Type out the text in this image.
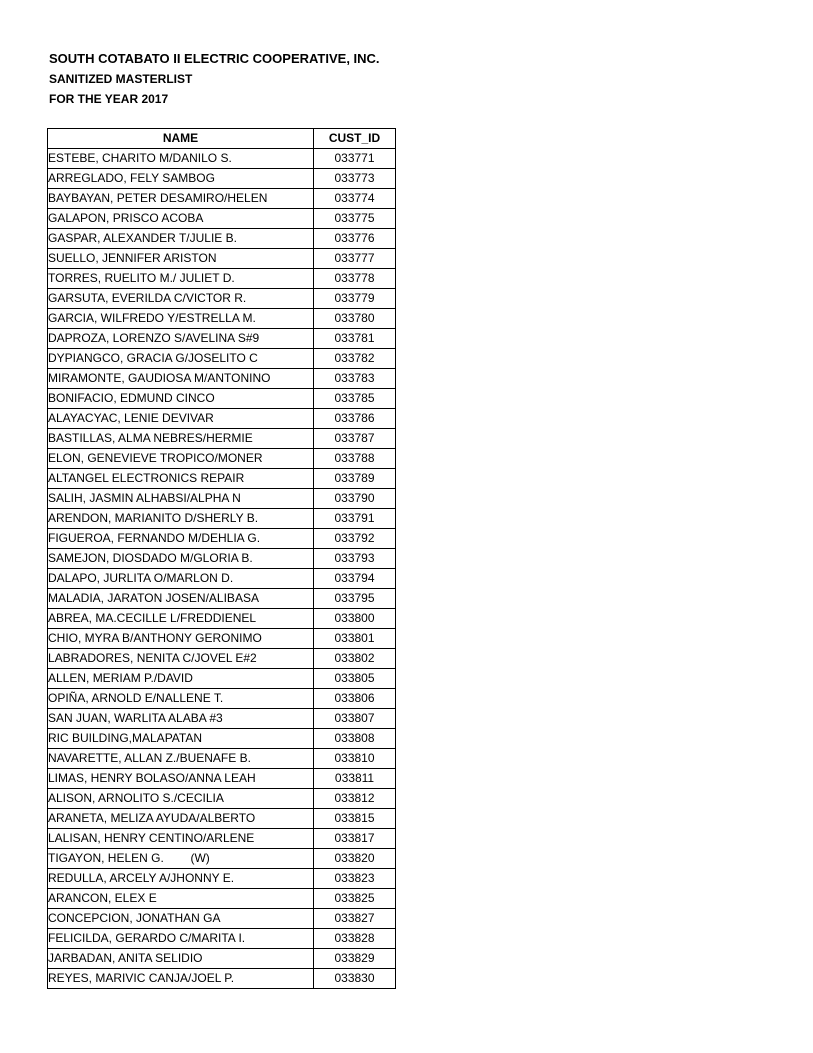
SOUTH COTABATO II ELECTRIC COOPERATIVE, INC.
SANITIZED MASTERLIST
FOR THE YEAR 2017
NAME	CUST_ID
ESTEBE, CHARITO M/DANILO S.	033771
ARREGLADO, FELY SAMBOG	033773
BAYBAYAN, PETER DESAMIRO/HELEN	033774
GALAPON, PRISCO ACOBA	033775
GASPAR, ALEXANDER T/JULIE B.	033776
SUELLO, JENNIFER ARISTON	033777
TORRES, RUELITO M./ JULIET D.	033778
GARSUTA, EVERILDA C/VICTOR R.	033779
GARCIA, WILFREDO Y/ESTRELLA M.	033780
DAPROZA, LORENZO S/AVELINA S#9	033781
DYPIANGCO, GRACIA G/JOSELITO C	033782
MIRAMONTE, GAUDIOSA M/ANTONINO	033783
BONIFACIO, EDMUND CINCO	033785
ALAYACYAC, LENIE DEVIVAR	033786
BASTILLAS, ALMA NEBRES/HERMIE	033787
ELON, GENEVIEVE TROPICO/MONER	033788
ALTANGEL ELECTRONICS REPAIR	033789
SALIH, JASMIN ALHABSI/ALPHA N	033790
ARENDON, MARIANITO D/SHERLY B.	033791
FIGUEROA, FERNANDO M/DEHLIA G.	033792
SAMEJON, DIOSDADO M/GLORIA B.	033793
DALAPO, JURLITA O/MARLON D.	033794
MALADIA, JARATON JOSEN/ALIBASA	033795
ABREA, MA.CECILLE L/FREDDIENEL	033800
CHIO, MYRA B/ANTHONY GERONIMO	033801
LABRADORES, NENITA C/JOVEL E#2	033802
ALLEN, MERIAM P./DAVID	033805
OPIÑA, ARNOLD E/NALLENE T.	033806
SAN JUAN, WARLITA ALABA #3	033807
RIC BUILDING,MALAPATAN	033808
NAVARETTE, ALLAN Z./BUENAFE B.	033810
LIMAS, HENRY BOLASO/ANNA LEAH	033811
ALISON, ARNOLITO S./CECILIA	033812
ARANETA, MELIZA AYUDA/ALBERTO	033815
LALISAN, HENRY CENTINO/ARLENE	033817
TIGAYON, HELEN G.        (W)	033820
REDULLA, ARCELY A/JHONNY E.	033823
ARANCON, ELEX E	033825
CONCEPCION, JONATHAN GA	033827
FELICILDA, GERARDO C/MARITA I.	033828
JARBADAN, ANITA SELIDIO	033829
REYES, MARIVIC CANJA/JOEL P.	033830
